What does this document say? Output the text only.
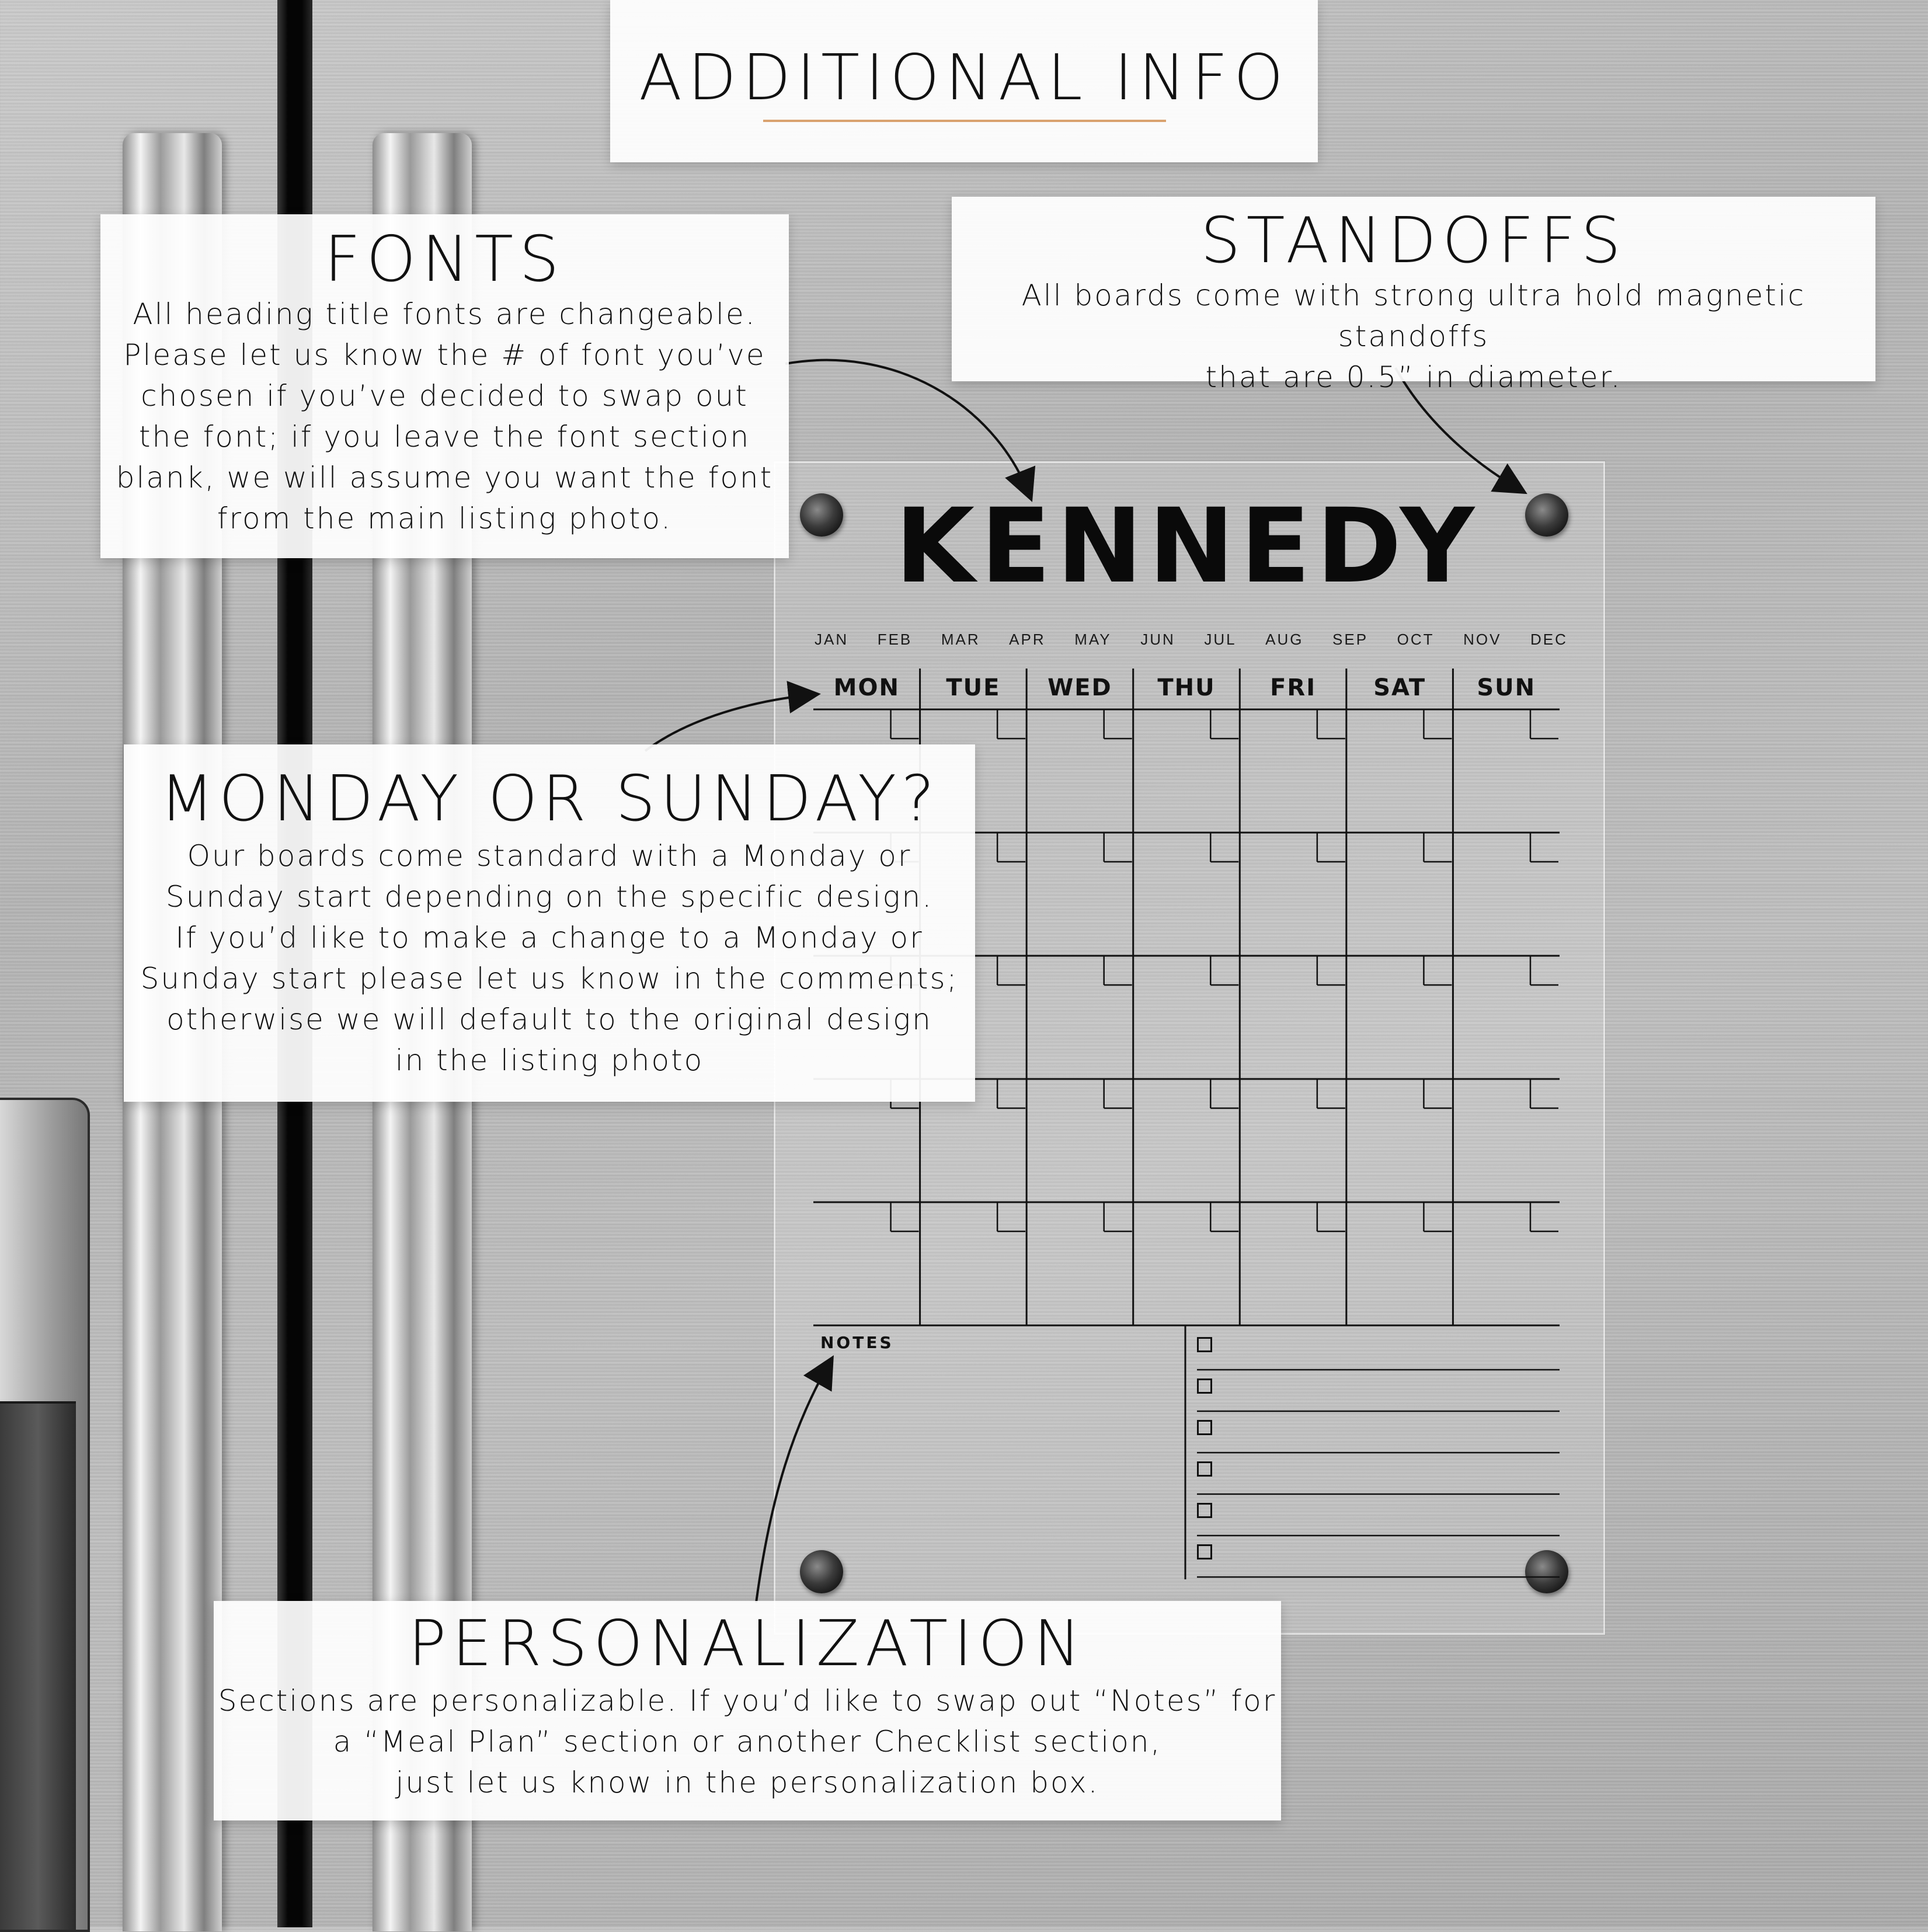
KENNEDY
JAN FEB MAR APR MAY JUN JUL AUG SEP OCT NOV DEC
MON	TUE	WED	THU	FRI	SAT	SUN
NOTES
ADDITIONAL INFO
FONTS
All heading title fonts are changeable.
Please let us know the # of font you’ve
chosen if you’ve decided to swap out
the font; if you leave the font section
blank, we will assume you want the font
from the main listing photo.
STANDOFFS
All boards come with strong ultra hold magnetic standoffs
that are 0.5” in diameter.
MONDAY OR SUNDAY?
Our boards come standard with a Monday or
Sunday start depending on the specific design.
If you’d like to make a change to a Monday or
Sunday start please let us know in the comments;
otherwise we will default to the original design
in the listing photo
PERSONALIZATION
Sections are personalizable. If you’d like to swap out “Notes” for
a “Meal Plan” section or another Checklist section,
just let us know in the personalization box.
